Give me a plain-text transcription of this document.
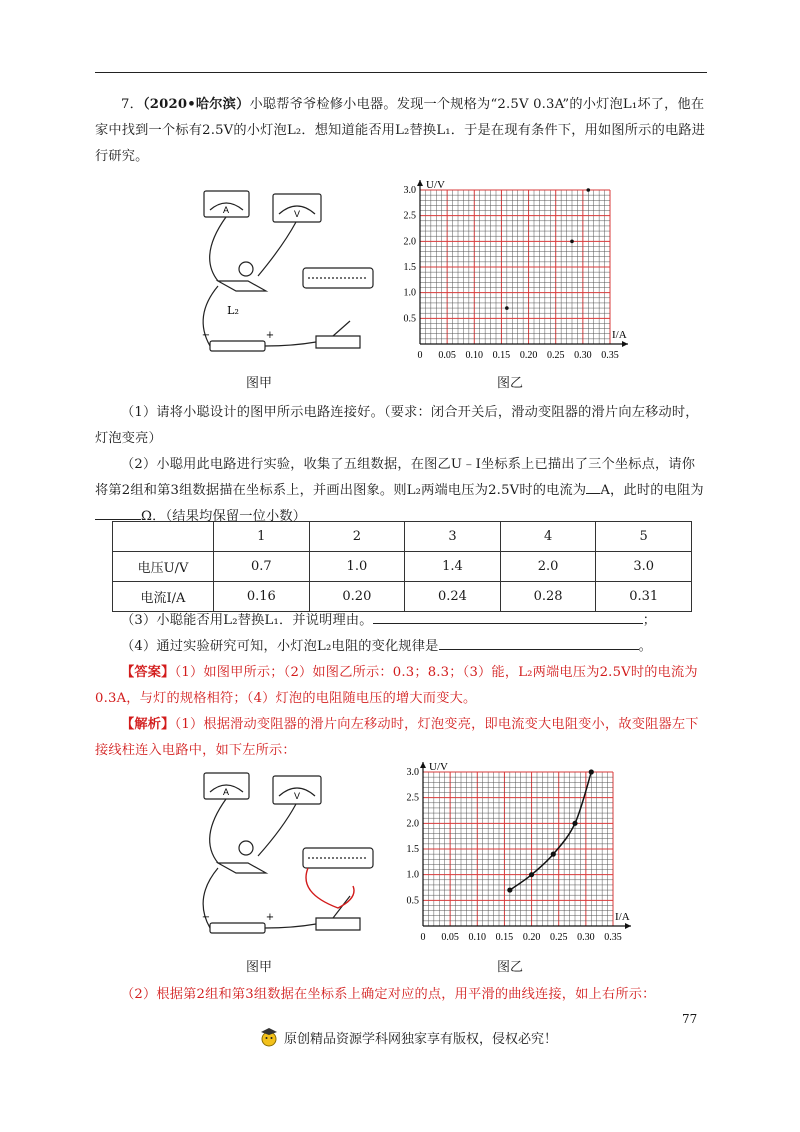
7．（2020•哈尔滨）小聪帮爷爷检修小电器。发现一个规格为“2.5V 0.3A”的小灯泡L₁坏了，他在家中找到一个标有2.5V的小灯泡L₂．想知道能否用L₂替换L₁．于是在现有条件下，用如图所示的电路进行研究。
A	V
L₂
−	+
图甲
0 0.05 0.10 0.15 0.20 0.25 0.30 0.35
0.5
1.0
1.5
2.0
2.5
3.0
I/A
U/V
图乙
（1）请将小聪设计的图甲所示电路连接好。（要求：闭合开关后，滑动变阻器的滑片向左移动时，灯泡变亮）
（2）小聪用此电路进行实验，收集了五组数据，在图乙U﹣I坐标系上已描出了三个坐标点，请你将第2组和第3组数据描在坐标系上，并画出图象。则L₂两端电压为2.5V时的电流为 A，此时的电阻为Ω．（结果均保留一位小数）
	1	2	3	4	5
电压U/V	0.7	1.0	1.4	2.0	3.0
电流I/A	0.16	0.20	0.24	0.28	0.31
（3）小聪能否用L₂替换L₁．并说明理由。	；
（4）通过实验研究可知，小灯泡L₂电阻的变化规律是	。
【答案】（1）如图甲所示；（2）如图乙所示：0.3；8.3；（3）能，L₂两端电压为2.5V时的电流为0.3A，与灯的规格相符；（4）灯泡的电阻随电压的增大而变大。
【解析】（1）根据滑动变阻器的滑片向左移动时，灯泡变亮，即电流变大电阻变小，故变阻器左下接线柱连入电路中，如下左所示：
A	V
−	+
图甲
0 0.05 0.10 0.15 0.20 0.25 0.30 0.35
0.5
1.0
1.5
2.0
2.5
3.0
I/A
U/V
图乙
（2）根据第2组和第3组数据在坐标系上确定对应的点，用平滑的曲线连接，如上右所示：
77
原创精品资源学科网独家享有版权，侵权必究！
